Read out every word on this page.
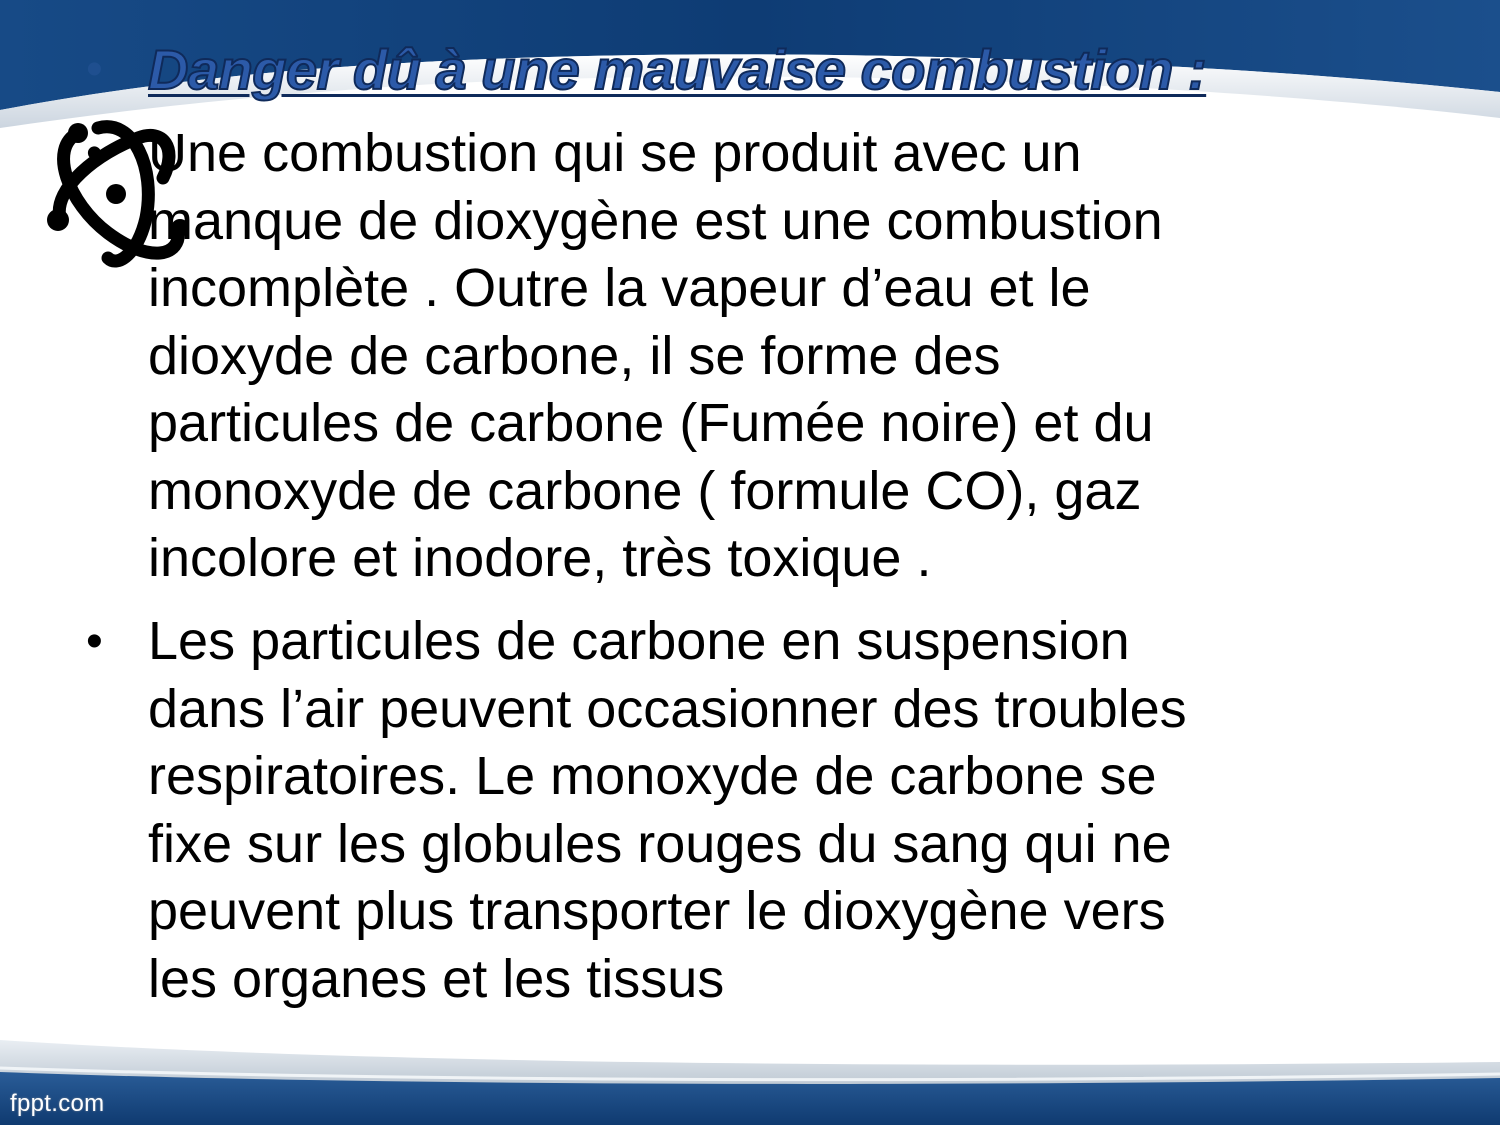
• Danger dû à une mauvaise combustion :
• Une combustion qui se produit avec un
manque de dioxygène est une combustion
incomplète . Outre la vapeur d’eau et le
dioxyde de carbone, il se forme des
particules de carbone (Fumée noire) et du
monoxyde de carbone ( formule CO), gaz
incolore et inodore, très toxique .
• Les particules de carbone en suspension
dans l’air peuvent occasionner des troubles
respiratoires. Le monoxyde de carbone se
fixe sur les globules rouges du sang qui ne
peuvent plus transporter le dioxygène vers
les organes et les tissus
fppt.com
